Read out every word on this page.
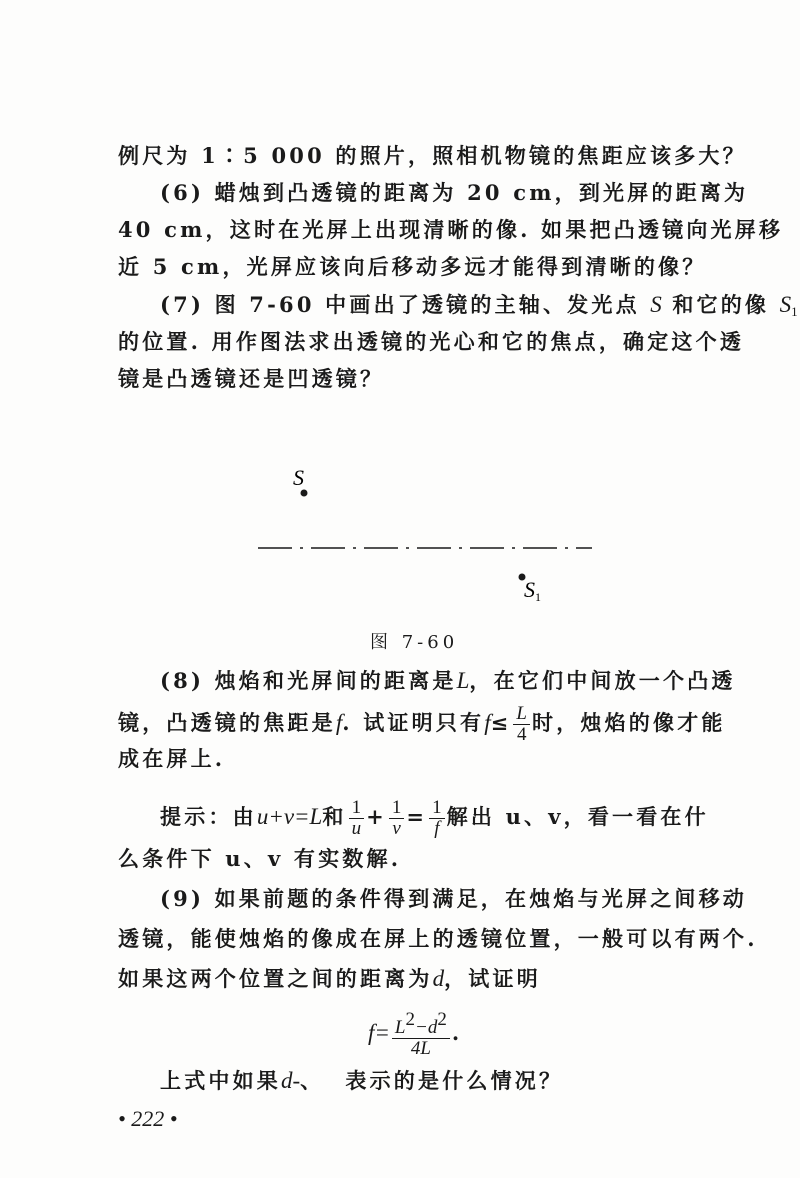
例尺为 1∶5 000 的照片，照相机物镜的焦距应该多大？
(6) 蜡烛到凸透镜的距离为 20 cm，到光屏的距离为
40 cm，这时在光屏上出现清晰的像. 如果把凸透镜向光屏移
近 5 cm，光屏应该向后移动多远才能得到清晰的像？
(7) 图 7-60 中画出了透镜的主轴、发光点 S 和它的像 $S_1$
的位置. 用作图法求出透镜的光心和它的焦点，确定这个透
镜是凸透镜还是凹透镜？
S
S1
图 7-60
(8) 烛焰和光屏间的距离是L，在它们中间放一个凸透
镜，凸透镜的焦距是f. 试证明只有$f\le \frac{L}{4}$ 时，烛焰的像才能
成在屏上.
提示：由u+v=L和 $\frac{1}{u} + \frac{1}{v} = \frac{1}{f}$ 解出 u、v，看一看在什
么条件下 u、v 有实数解.
(9) 如果前题的条件得到满足，在烛焰与光屏之间移动
透镜，能使烛焰的像成在屏上的透镜位置，一般可以有两个.
如果这两个位置之间的距离为d，试证明
$f= \frac{L2-d2}{4L}$ .
上式中如果d-、 表示的是什么情况？
• 222 •
